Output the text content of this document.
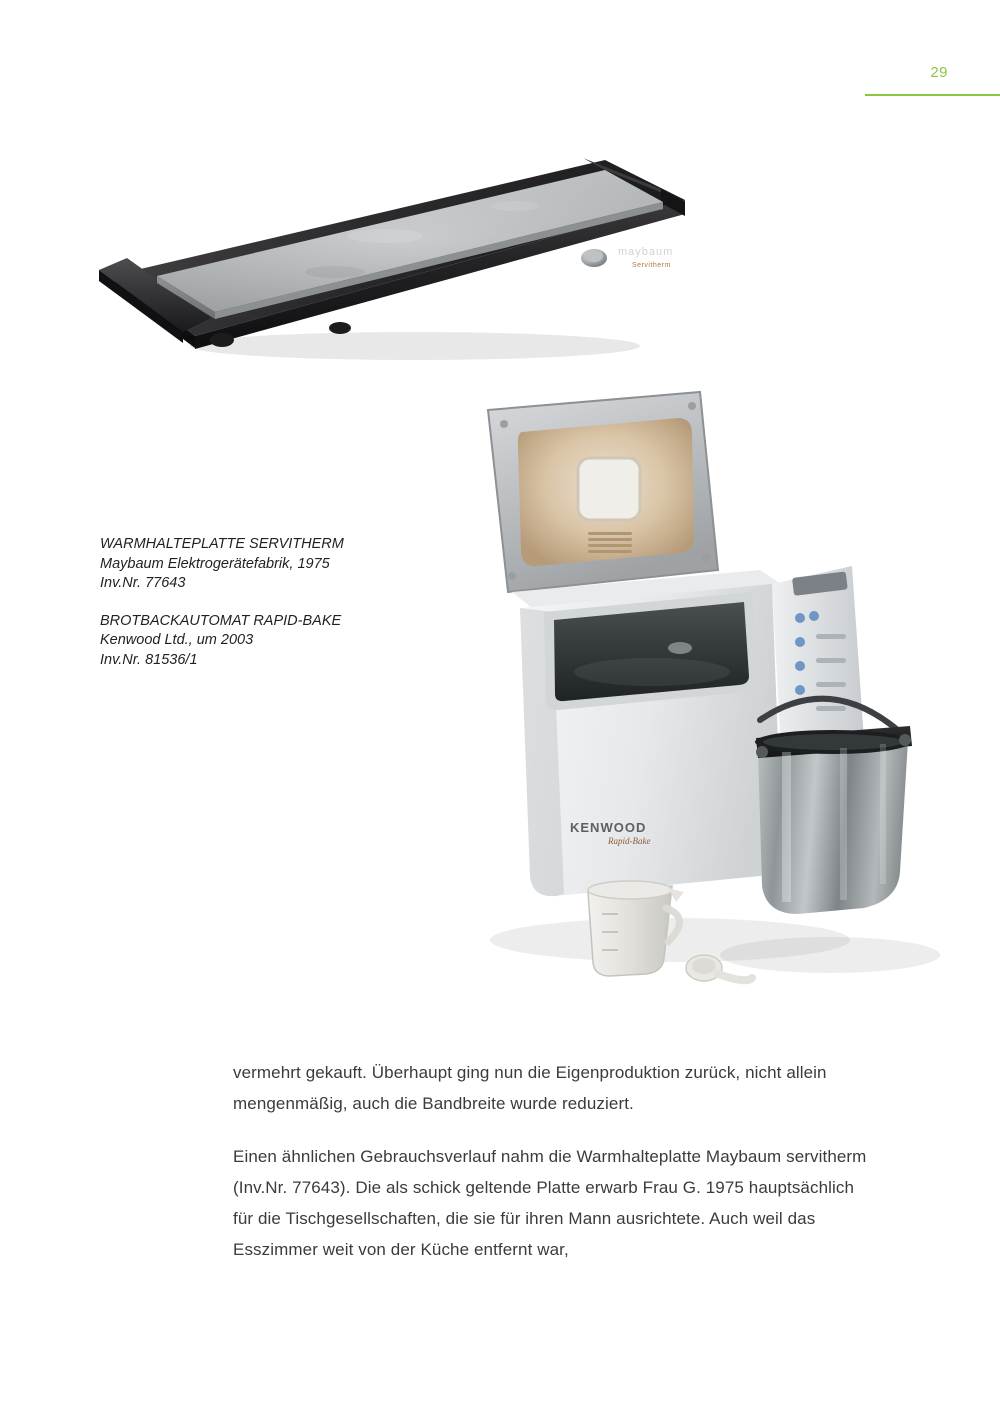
29
maybaum
Servitherm
WARMHALTEPLATTE SERVITHERM
Maybaum Elektrogerätefabrik, 1975
Inv.Nr. 77643
BROTBACKAUTOMAT RAPID-BAKE
Kenwood Ltd., um 2003
Inv.Nr. 81536/1
KENWOOD
Rapid-Bake

vermehrt gekauft. Überhaupt ging nun die Eigenproduktion zurück, nicht allein mengenmäßig, auch die Bandbreite wurde reduziert.

Einen ähnlichen Gebrauchsverlauf nahm die Warmhalteplatte Maybaum servitherm (Inv.Nr. 77643). Die als schick geltende Platte erwarb Frau G. 1975 hauptsächlich für die Tischgesellschaften, die sie für ihren Mann ausrichtete. Auch weil das Esszimmer weit von der Küche entfernt war,
